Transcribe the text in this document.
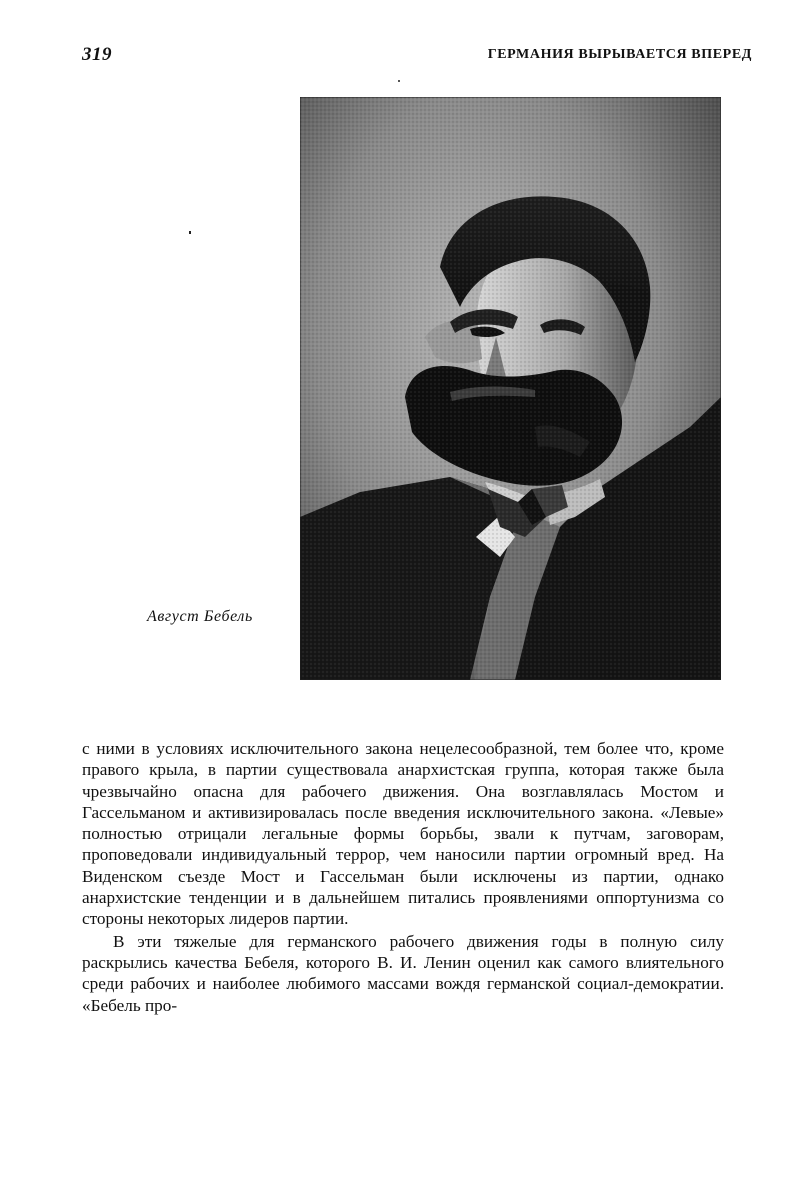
319	ГЕРМАНИЯ ВЫРЫВАЕТСЯ ВПЕРЕД
Август Бебель

с ними в условиях исключительного закона нецелесообразной, тем более что, кроме правого крыла, в партии существовала анархистская группа, которая также была чрезвычайно опасна для рабочего движения. Она возглавлялась Мостом и Гассельманом и активизировалась после введения исключительного закона. «Левые» полностью отрицали легальные формы борьбы, звали к путчам, заговорам, проповедовали индивидуальный террор, чем наносили партии огромный вред. На Виденском съезде Мост и Гассельман были исключены из партии, однако анархистские тенденции и в дальнейшем питались проявлениями оппортунизма со стороны некоторых лидеров партии.

В эти тяжелые для германского рабочего движения годы в полную силу раскрылись качества Бебеля, которого В. И. Ленин оценил как самого влиятельного среди рабочих и наиболее любимого массами вождя германской социал-демократии. «Бебель про-
